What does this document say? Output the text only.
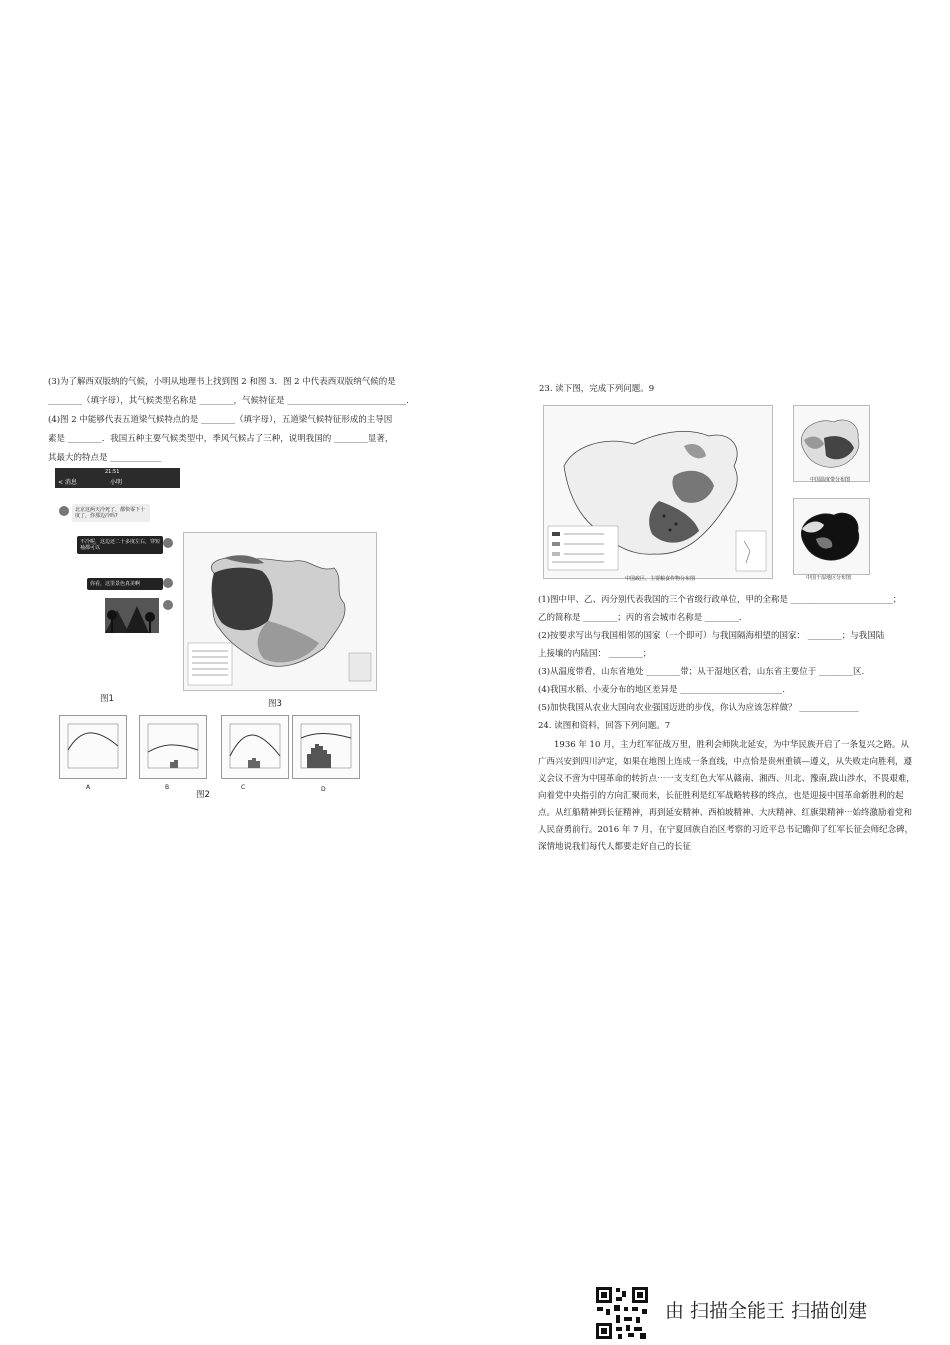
(3)为了解西双版纳的气候，小明从地理书上找到图 2 和图 3．图 2 中代表西双版纳气候的是
________（填字母），其气候类型名称是 ________，气候特征是 ____________________________.
(4)图 2 中能够代表五道梁气候特点的是 ________（填字母），五道梁气候特征形成的主导因
素是 ________．我国五种主要气候类型中，季风气候占了三种，说明我国的 ________显著，
其最大的特点是 ____________
21:51
< 消息	小明
北京这两天冷死了，都快零下十度了，你那边冷吗?
不冷呢，这边还二十多度左右，穿短袖都可以
你看，这里景色真美啊
图1	图3
A	B	C	D
图2
23. 读下图，完成下列问题。9
中国政区、主要粮食作物分布图
中国温度带分布图
中国干湿地区分布图
(1)图中甲、乙、丙分别代表我国的三个省级行政单位，甲的全称是 ________________________；
乙的简称是 ________；丙的省会城市名称是 ________.
(2)按要求写出与我国相邻的国家（一个即可）与我国隔海相望的国家： ________；与我国陆
上接壤的内陆国： ________；
(3)从温度带看，山东省地处 ________带；从干湿地区看，山东省主要位于 ________区.
(4)我国水稻、小麦分布的地区差异是 ________________________.
(5)加快我国从农业大国向农业强国迈进的步伐，你认为应该怎样做？ ______________
24. 读图和资料，回答下列问题。7
1936 年 10 月，主力红军征战万里，胜利会师陕北延安，为中华民族开启了一条复兴之路。从广西兴安到四川泸定，如果在地图上连成一条直线，中点恰是贵州重镇—遵义，从失败走向胜利，遵义会议不啻为中国革命的转折点⋯一支支红色大军从赣南、湘西、川北、豫南,跋山涉水，不畏艰难，向着党中央指引的方向汇聚而来，长征胜利是红军战略转移的终点，也是迎接中国革命新胜利的起点。从红船精神到长征精神，再到延安精神、西柏坡精神、大庆精神、红旗渠精神⋯始终激励着党和人民奋勇前行。2016 年 7 月，在宁夏回族自治区考察的习近平总书记瞻仰了红军长征会师纪念碑，深情地说我们每代人都要走好自己的长征
由 扫描全能王 扫描创建
